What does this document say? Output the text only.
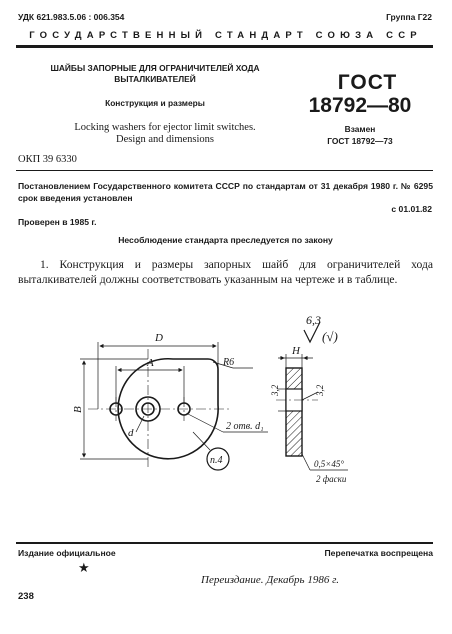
УДК 621.983.5.06 : 006.354	Группа Г22
ГОСУДАРСТВЕННЫЙ СТАНДАРТ СОЮЗА ССР
ШАЙБЫ ЗАПОРНЫЕ ДЛЯ ОГРАНИЧИТЕЛЕЙ ХОДА
ВЫТАЛКИВАТЕЛЕЙ
Конструкция и размеры
Locking washers for ejector limit switches.
Design and dimensions
ГОСТ
18792—80
Взамен
ГОСТ 18792—73
ОКП 39 6330
Постановлением Государственного комитета СССР по стандартам от 31 декабря 1980 г. № 6295 срок введения установлен
с 01.01.82
Проверен в 1985 г.
Несоблюдение стандарта преследуется по закону
1. Конструкция и размеры запорных шайб для ограничителей хода выталкивателей должны соответствовать указанным на чертеже и в таблице.
D
A	R6
B
d
2 отв. d₁
п.4
6,3
(√)
H
3,2	3,2
0,5×45°
2 фаски
Издание официальное	Перепечатка воспрещена
★
Переиздание. Декабрь 1986 г.
238
